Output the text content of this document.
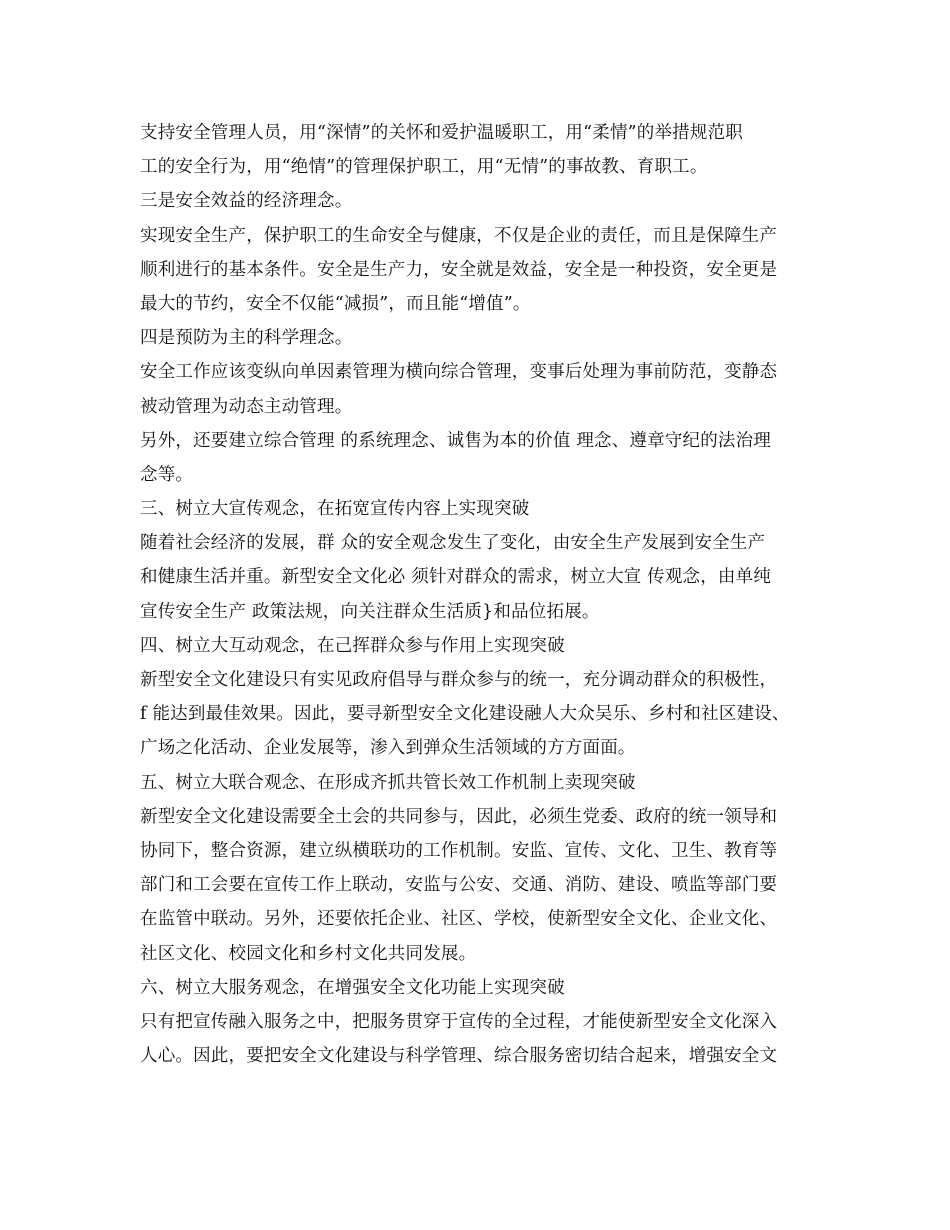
支持安全管理人员，用“深情”的关怀和爱护温暖职工，用“柔情”的举措规范职
工的安全行为，用“绝情”的管理保护职工，用“无情”的事故教、育职工。
三是安全效益的经济理念。
实现安全生产，保护职工的生命安全与健康，不仅是企业的责任，而且是保障生产
顺利进行的基本条件。安全是生产力，安全就是效益，安全是一种投资，安全更是
最大的节约，安全不仅能“减损”，而且能“增值”。
四是预防为主的科学理念。
安全工作应该变纵向单因素管理为横向综合管理，变事后处理为事前防范，变静态
被动管理为动态主动管理。
另外，还要建立综合管理 的系统理念、诚售为本的价值 理念、遵章守纪的法治理
念等。
三、树立大宣传观念，在拓宽宣传内容上实现突破
随着社会经济的发展，群 众的安全观念发生了变化，由安全生产发展到安全生产
和健康生活并重。新型安全文化必 须针对群众的需求，树立大宣 传观念，由单纯
宣传安全生产 政策法规，向关注群众生活质}和品位拓展。
四、树立大互动观念，在己挥群众参与作用上实现突破
新型安全文化建设只有实见政府倡导与群众参与的统一，充分调动群众的积极性，
f 能达到最佳效果。因此，要寻新型安全文化建设融人大众吴乐、乡村和社区建设、
广场之化活动、企业发展等，渗入到弹众生活领域的方方面面。
五、树立大联合观念、在形成齐抓共管长效工作机制上卖现突破
新型安全文化建设需要全土会的共同参与，因此，必须生党委、政府的统一领导和
协同下，整合资源，建立纵横联功的工作机制。安监、宣传、文化、卫生、教育等
部门和工会要在宣传工作上联动，安监与公安、交通、消防、建设、喷监等部门要
在监管中联动。另外，还要依托企业、社区、学校，使新型安全文化、企业文化、
社区文化、校园文化和乡村文化共同发展。
六、树立大服务观念，在增强安全文化功能上实现突破
只有把宣传融入服务之中，把服务贯穿于宣传的全过程，才能使新型安全文化深入
人心。因此，要把安全文化建设与科学管理、综合服务密切结合起来，增强安全文
